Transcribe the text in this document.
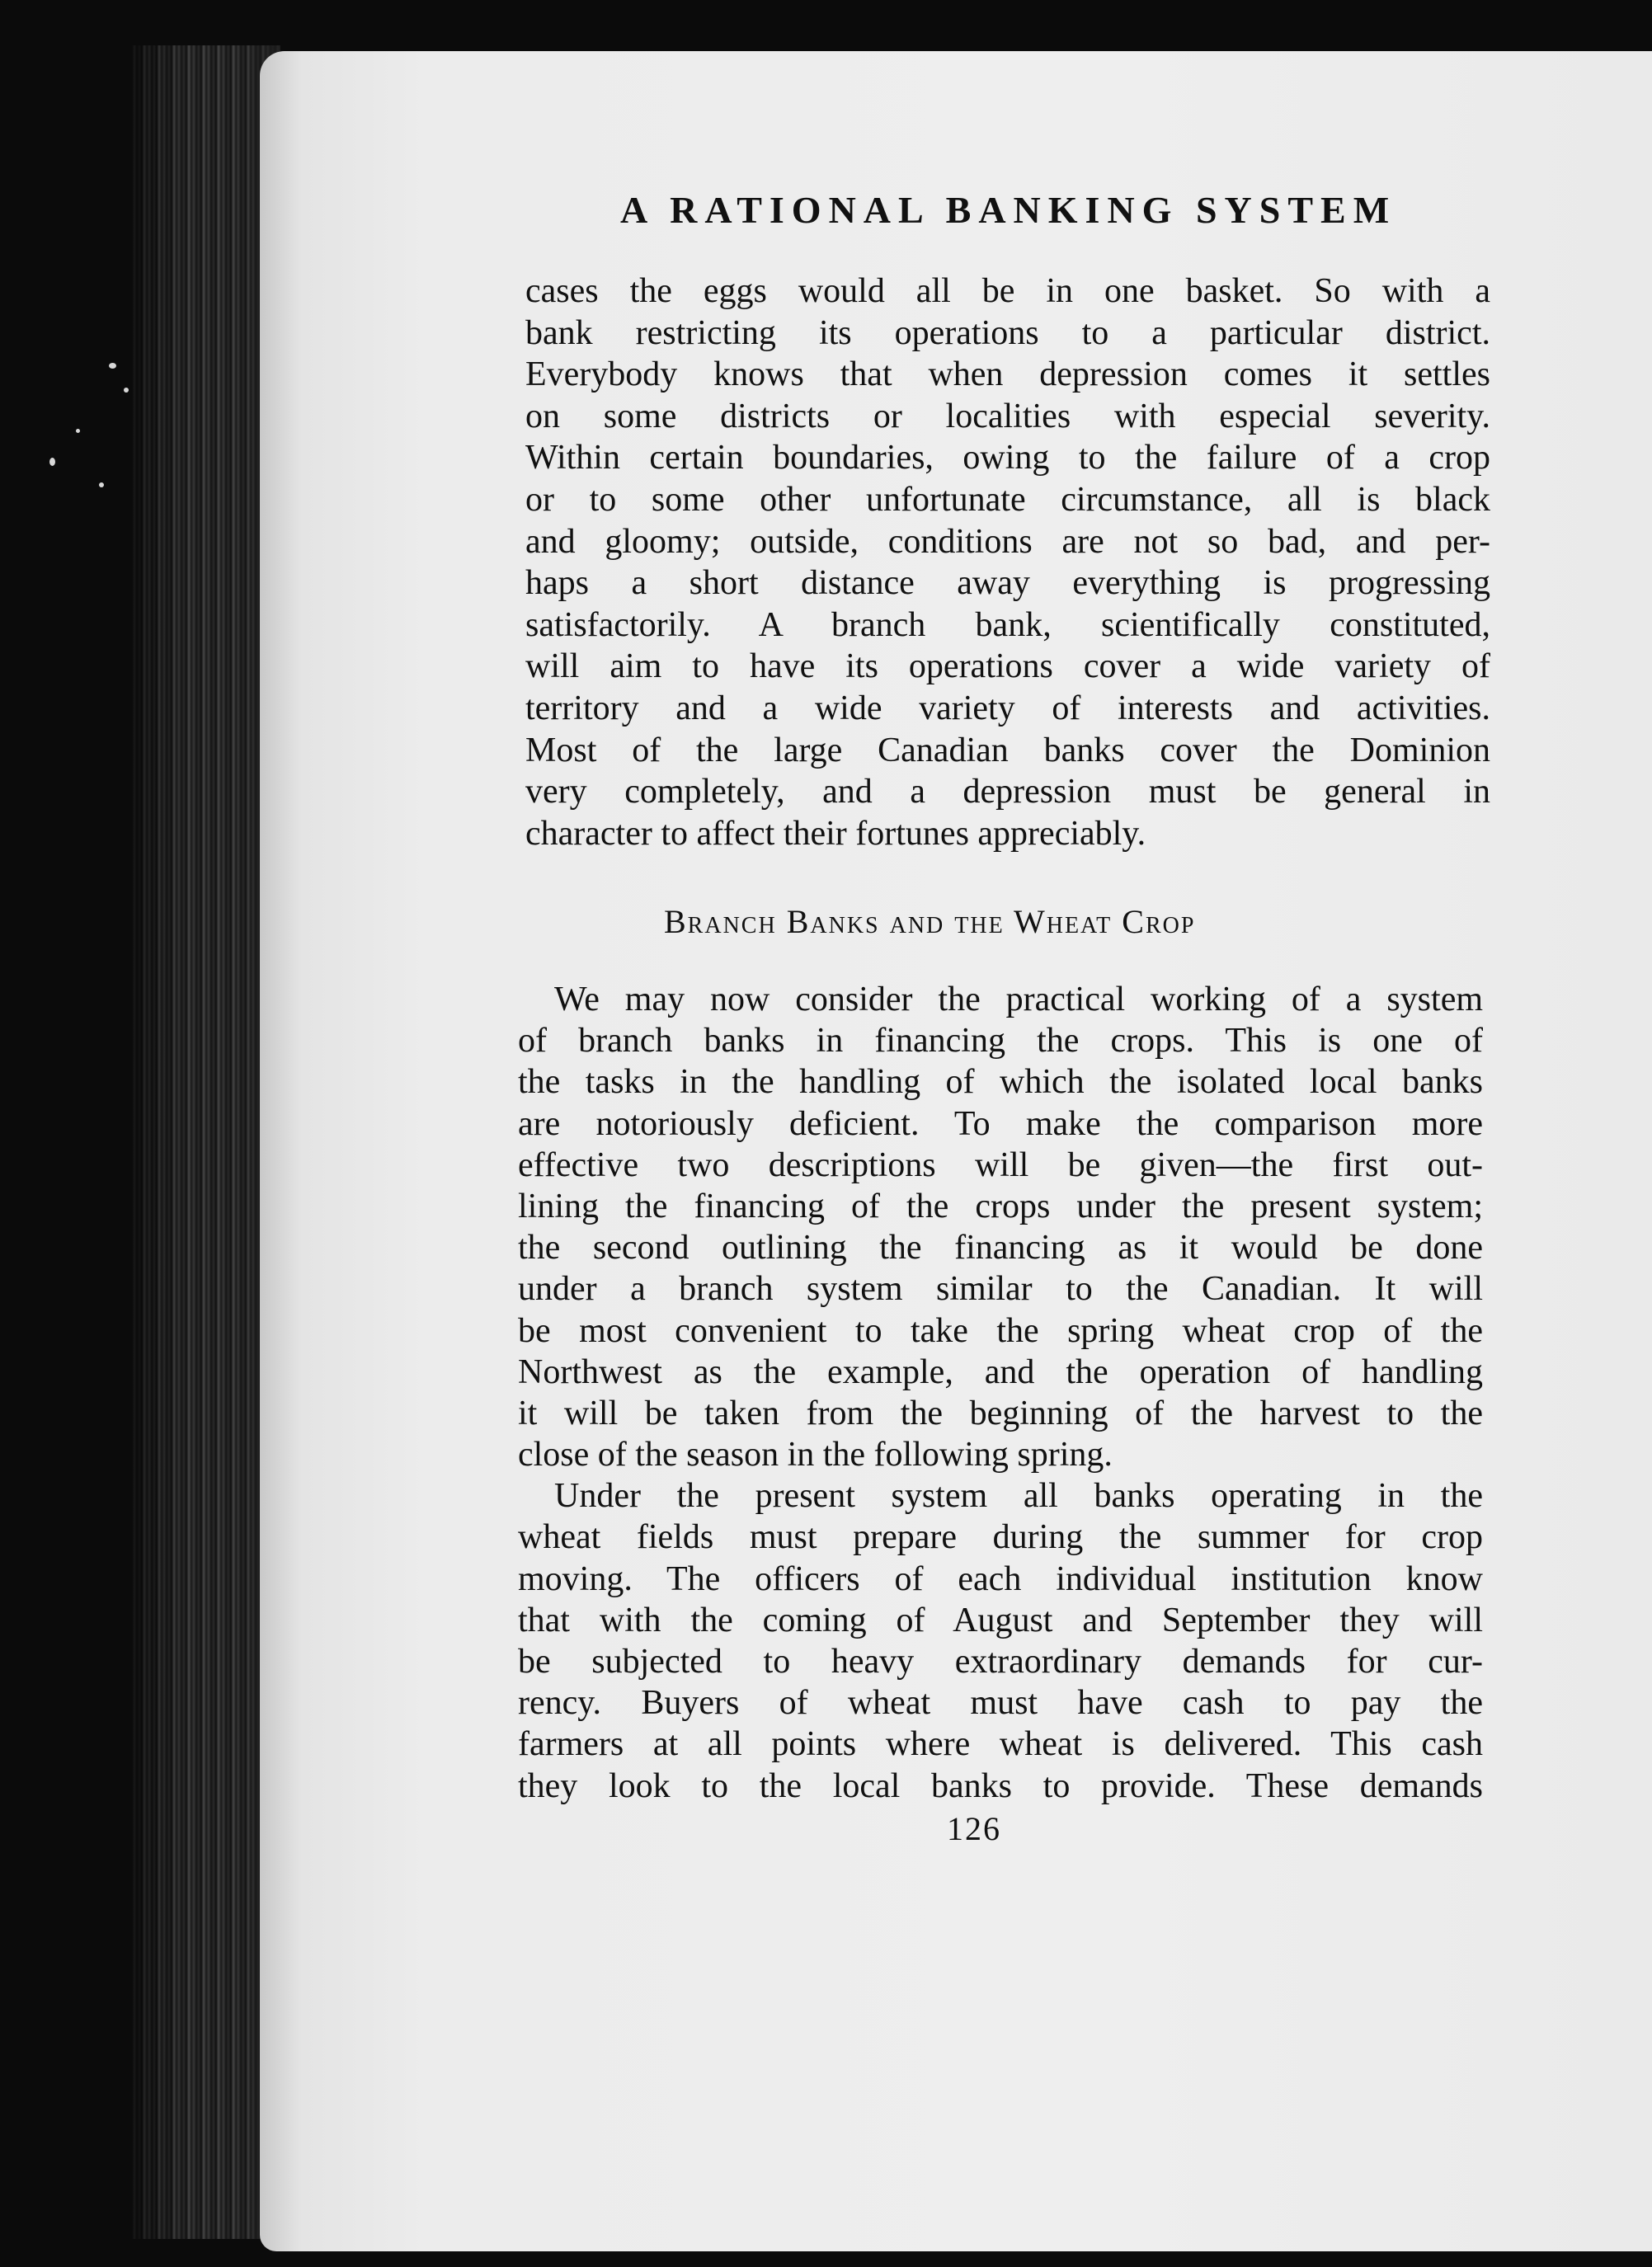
A RATIONAL BANKING SYSTEM
cases the eggs would all be in one basket. So with a
bank restricting its operations to a particular district.
Everybody knows that when depression comes it settles
on some districts or localities with especial severity.
Within certain boundaries, owing to the failure of a crop
or to some other unfortunate circumstance, all is black
and gloomy; outside, conditions are not so bad, and per-
haps a short distance away everything is progressing
satisfactorily. A branch bank, scientifically constituted,
will aim to have its operations cover a wide variety of
territory and a wide variety of interests and activities.
Most of the large Canadian banks cover the Dominion
very completely, and a depression must be general in
character to affect their fortunes appreciably.
Branch Banks and the Wheat Crop
We may now consider the practical working of a system
of branch banks in financing the crops. This is one of
the tasks in the handling of which the isolated local banks
are notoriously deficient. To make the comparison more
effective two descriptions will be given—the first out-
lining the financing of the crops under the present system;
the second outlining the financing as it would be done
under a branch system similar to the Canadian. It will
be most convenient to take the spring wheat crop of the
Northwest as the example, and the operation of handling
it will be taken from the beginning of the harvest to the
close of the season in the following spring.
Under the present system all banks operating in the
wheat fields must prepare during the summer for crop
moving. The officers of each individual institution know
that with the coming of August and September they will
be subjected to heavy extraordinary demands for cur-
rency. Buyers of wheat must have cash to pay the
farmers at all points where wheat is delivered. This cash
they look to the local banks to provide. These demands
126
